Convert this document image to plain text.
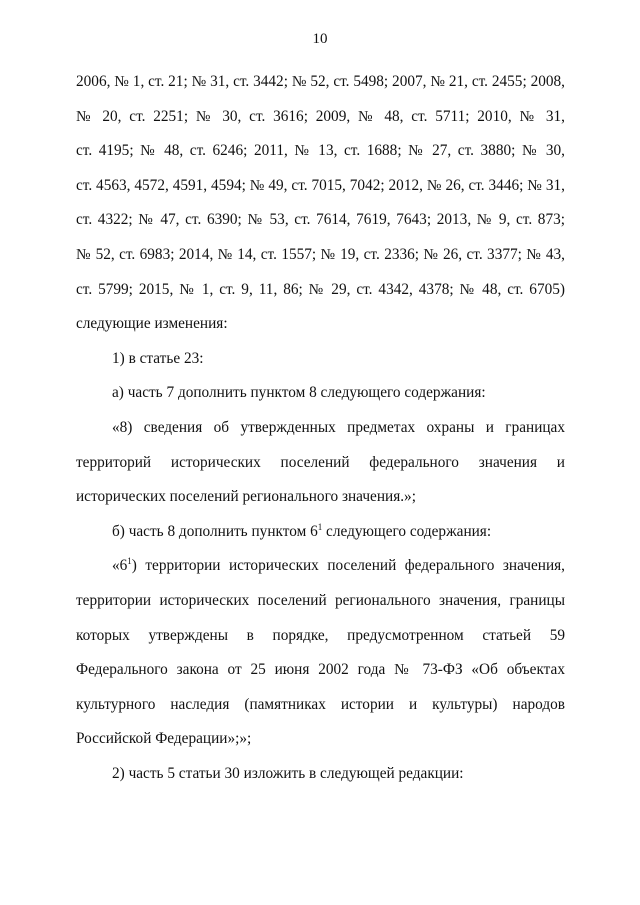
10
2006, № 1, ст. 21; № 31, ст. 3442; № 52, ст. 5498; 2007, № 21, ст. 2455; 2008,
№ 20, ст. 2251; № 30, ст. 3616; 2009, № 48, ст. 5711; 2010, № 31,
ст. 4195; № 48, ст. 6246; 2011, № 13, ст. 1688; № 27, ст. 3880; № 30,
ст. 4563, 4572, 4591, 4594; № 49, ст. 7015, 7042; 2012, № 26, ст. 3446; № 31,
ст. 4322; № 47, ст. 6390; № 53, ст. 7614, 7619, 7643; 2013, № 9, ст. 873;
№ 52, ст. 6983; 2014, № 14, ст. 1557; № 19, ст. 2336; № 26, ст. 3377; № 43,
ст. 5799; 2015, № 1, ст. 9, 11, 86; № 29, ст. 4342, 4378; № 48, ст. 6705)
следующие изменения:
1) в статье 23:
а) часть 7 дополнить пунктом 8 следующего содержания:
«8) сведения об утвержденных предметах охраны и границах
территорий исторических поселений федерального значения и
исторических поселений регионального значения.»;
б) часть 8 дополнить пунктом $6^1$ следующего содержания:
«$6^1$) территории исторических поселений федерального значения,
территории исторических поселений регионального значения, границы
которых утверждены в порядке, предусмотренном статьей 59
Федерального закона от 25 июня 2002 года № 73-ФЗ «Об объектах
культурного наследия (памятниках истории и культуры) народов
Российской Федерации»;»;
2) часть 5 статьи 30 изложить в следующей редакции:
